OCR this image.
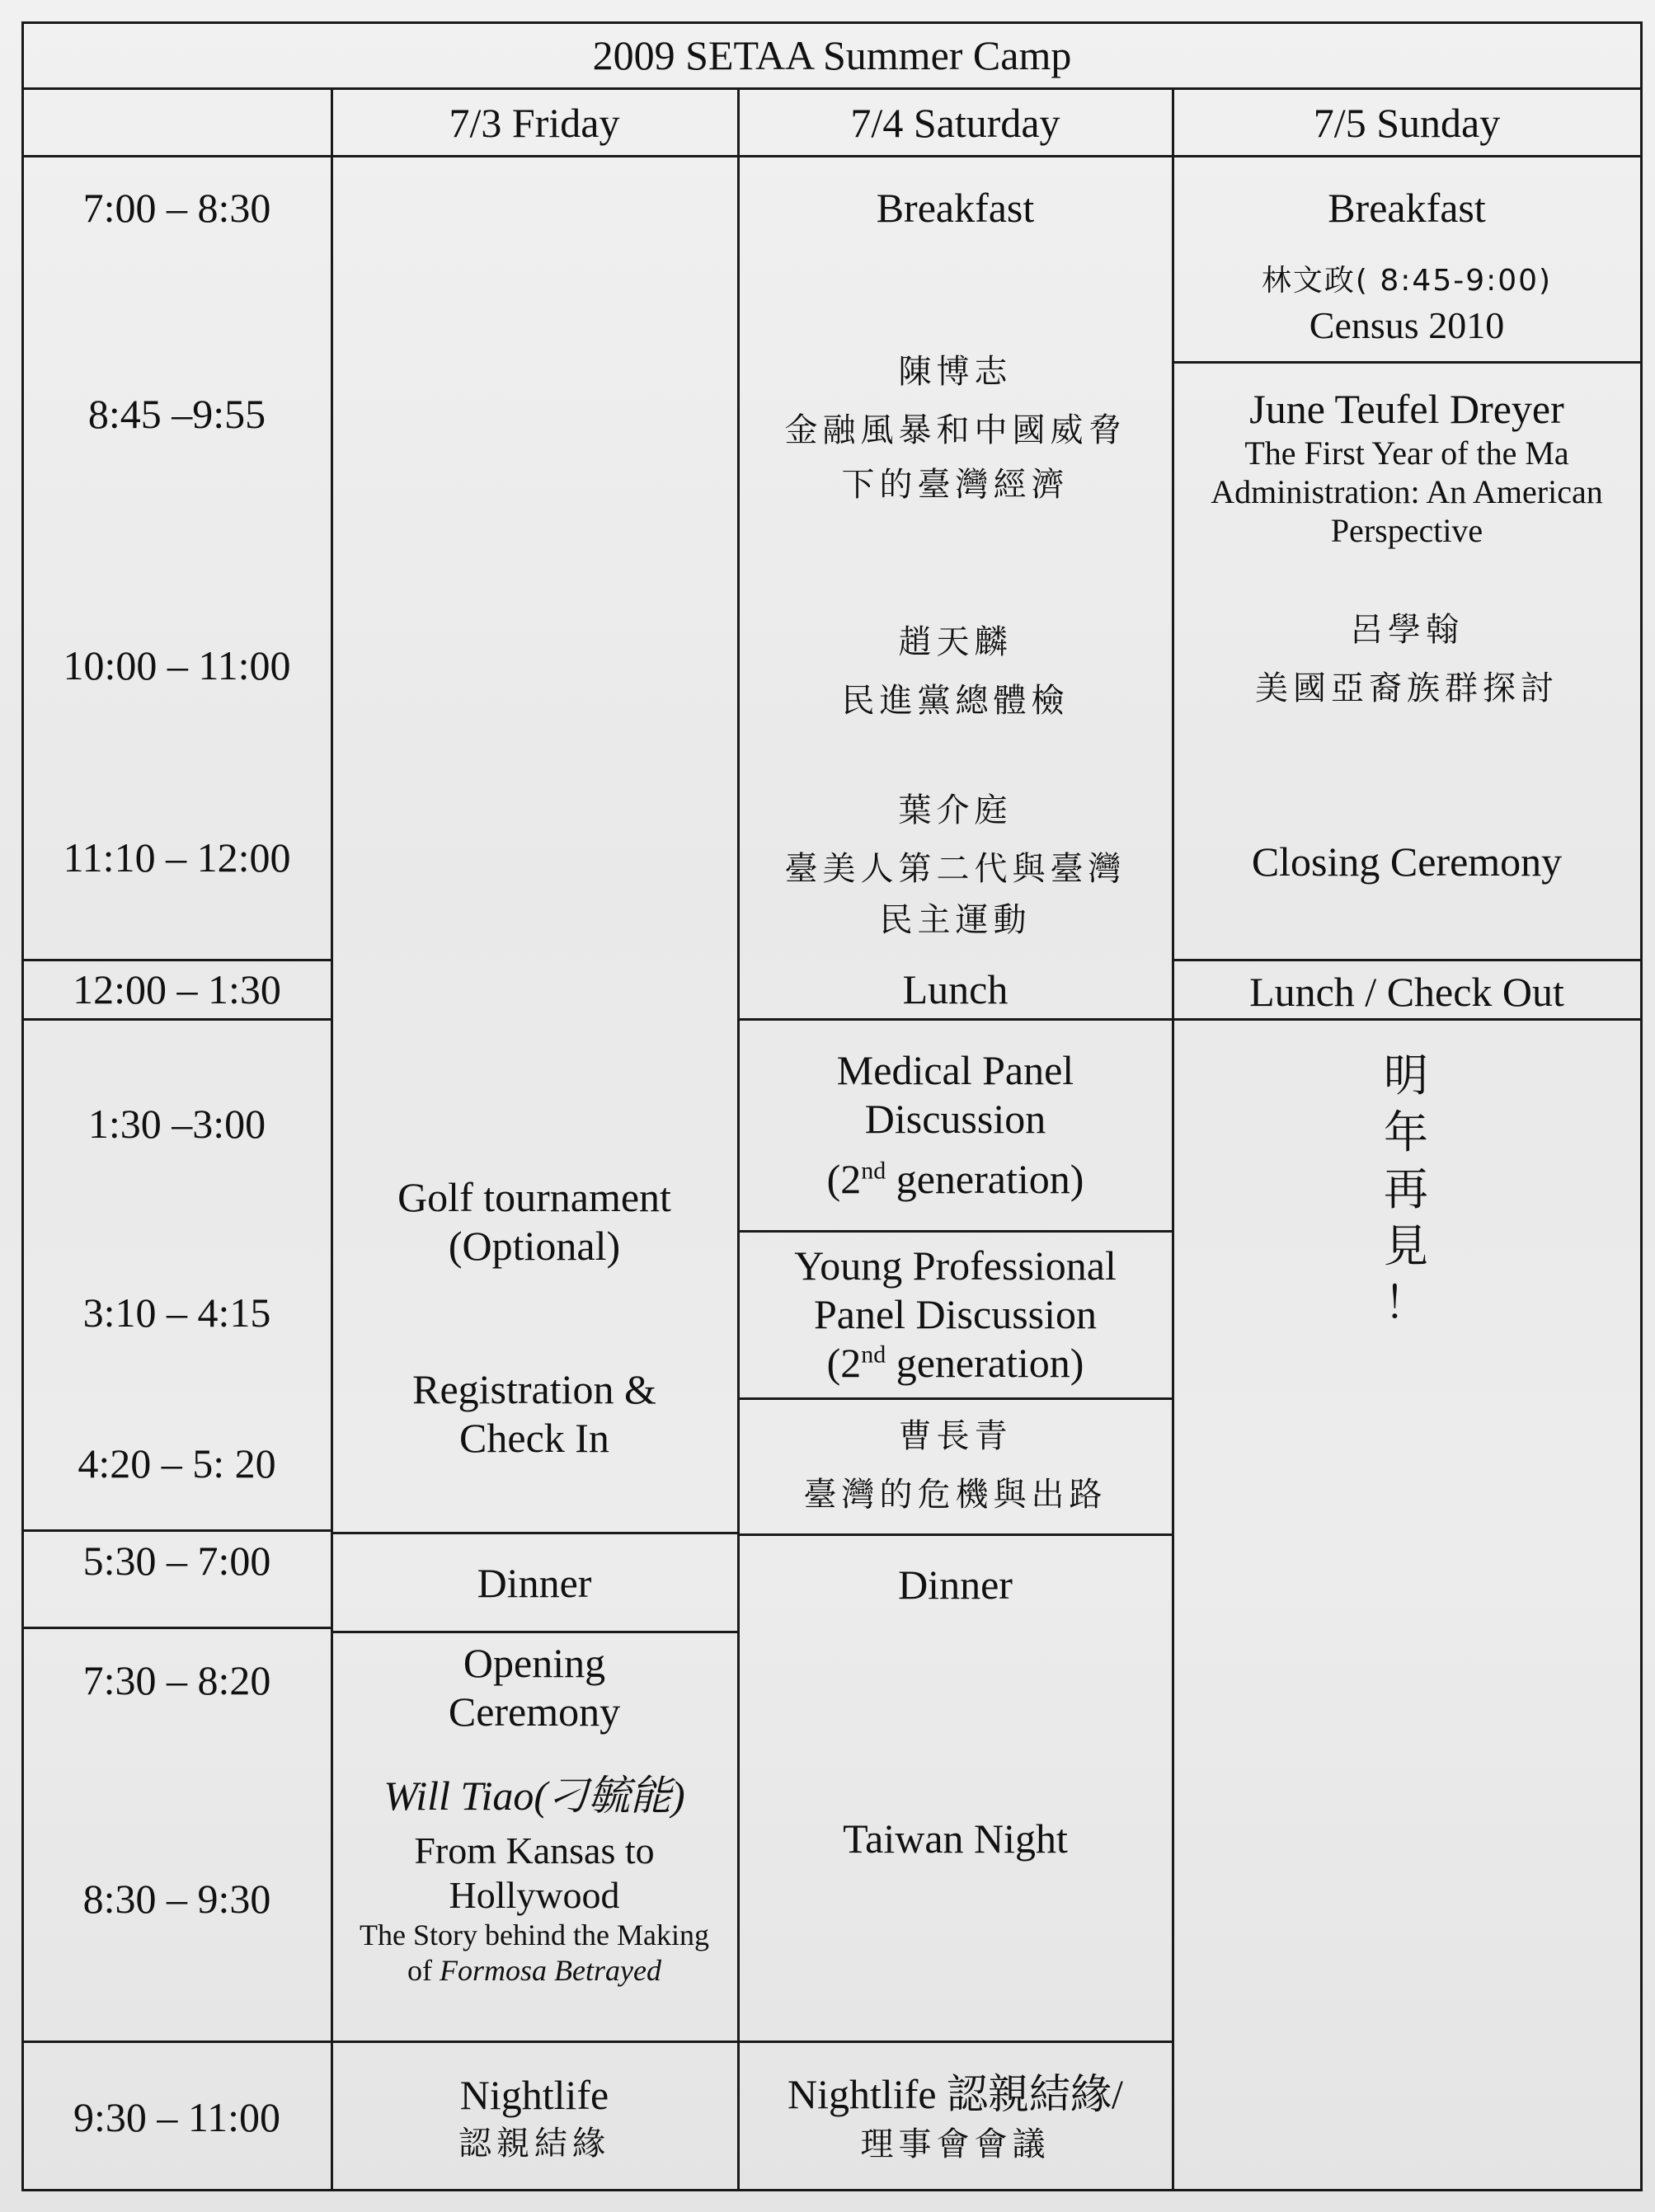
2009 SETAA Summer Camp
7/3 Friday	7/4 Saturday	7/5 Sunday
7:00 – 8:30
8:45 –9:55
10:00 – 11:00
11:10 – 12:00
12:00 – 1:30
1:30 –3:00
3:10 – 4:15
4:20 – 5: 20
5:30 – 7:00
7:30 – 8:20
8:30 – 9:30
9:30 – 11:00
Golf tournament
(Optional)
Registration &
Check In
Dinner
Opening
Ceremony
Will Tiao(刁毓能)
From Kansas to
Hollywood
The Story behind the Making
of Formosa Betrayed
Nightlife
認親結緣
Breakfast
陳博志
金融風暴和中國威脅
下的臺灣經濟
趙天麟
民進黨總體檢
葉介庭
臺美人第二代與臺灣
民主運動
Lunch
Medical Panel
Discussion
(2nd generation)
Young Professional
Panel Discussion
(2nd generation)
曹長青
臺灣的危機與出路
Dinner
Taiwan Night
Nightlife 認親結緣/
理事會會議
Breakfast
林文政( 8:45-9:00)
Census 2010
June Teufel Dreyer
The First Year of the Ma
Administration: An American
Perspective
呂學翰
美國亞裔族群探討
Closing Ceremony
Lunch / Check Out
明
年
再
見
！
